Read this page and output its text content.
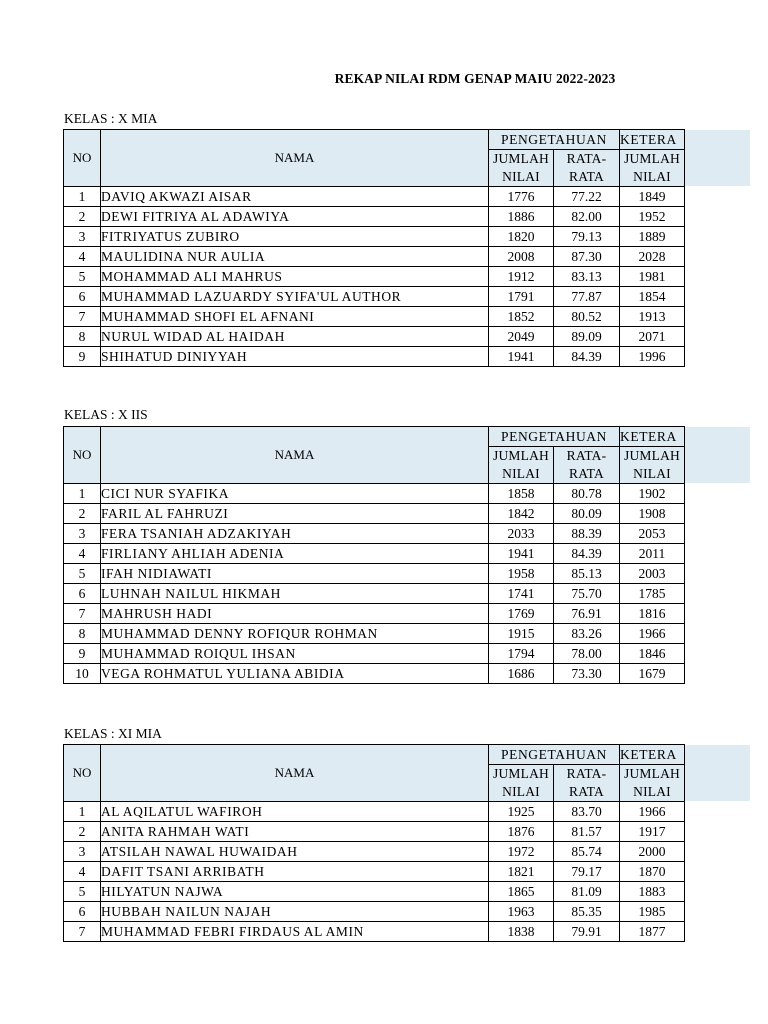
REKAP NILAI RDM GENAP MAIU 2022-2023
KELAS : X MIA
NO	NAMA	PENGETAHUAN		KETERA
		JUMLAH NILAI	RATA- RATA	JUMLAH NILAI
1	DAVIQ AKWAZI AISAR	1776	77.22	1849
2	DEWI FITRIYA AL ADAWIYA	1886	82.00	1952
3	FITRIYATUS ZUBIRO	1820	79.13	1889
4	MAULIDINA NUR AULIA	2008	87.30	2028
5	MOHAMMAD ALI MAHRUS	1912	83.13	1981
6	MUHAMMAD LAZUARDY SYIFA'UL AUTHOR	1791	77.87	1854
7	MUHAMMAD SHOFI EL AFNANI	1852	80.52	1913
8	NURUL WIDAD AL HAIDAH	2049	89.09	2071
9	SHIHATUD DINIYYAH	1941	84.39	1996
KELAS : X IIS
NO	NAMA	PENGETAHUAN		KETERA
		JUMLAH NILAI	RATA- RATA	JUMLAH NILAI
1	CICI NUR SYAFIKA	1858	80.78	1902
2	FARIL AL FAHRUZI	1842	80.09	1908
3	FERA TSANIAH ADZAKIYAH	2033	88.39	2053
4	FIRLIANY AHLIAH ADENIA	1941	84.39	2011
5	IFAH NIDIAWATI	1958	85.13	2003
6	LUHNAH NAILUL HIKMAH	1741	75.70	1785
7	MAHRUSH HADI	1769	76.91	1816
8	MUHAMMAD DENNY ROFIQUR ROHMAN	1915	83.26	1966
9	MUHAMMAD ROIQUL IHSAN	1794	78.00	1846
10	VEGA ROHMATUL YULIANA ABIDIA	1686	73.30	1679
KELAS : XI MIA
NO	NAMA	PENGETAHUAN		KETERA
		JUMLAH NILAI	RATA- RATA	JUMLAH NILAI
1	AL AQILATUL WAFIROH	1925	83.70	1966
2	ANITA RAHMAH WATI	1876	81.57	1917
3	ATSILAH NAWAL HUWAIDAH	1972	85.74	2000
4	DAFIT TSANI ARRIBATH	1821	79.17	1870
5	HILYATUN NAJWA	1865	81.09	1883
6	HUBBAH NAILUN NAJAH	1963	85.35	1985
7	MUHAMMAD FEBRI FIRDAUS AL AMIN	1838	79.91	1877
